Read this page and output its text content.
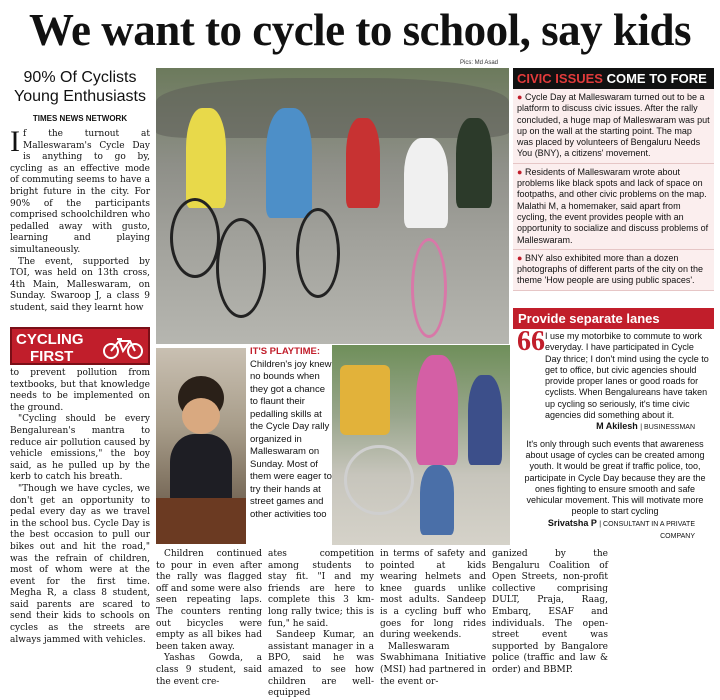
We want to cycle to school, say kids
Pics: Md Asad
90% Of Cyclists Young Enthusiasts
TIMES NEWS NETWORK
I f the turnout at Malleswaram's Cycle Day is anything to go by, cycling as an effective mode of commuting seems to have a bright future in the city. For 90% of the participants comprised schoolchildren who pedalled away with gusto, learning and playing simultaneously.

The event, supported by TOI, was held on 13th cross, 4th Main, Malleswaram, on Sunday. Swaroop J, a class 9 student, said they learnt how

CYCLING
FIRST

to prevent pollution from textbooks, but that knowledge needs to be implemented on the ground.

"Cycling should be every Bengalurean's mantra to reduce air pollution caused by vehicle emissions," the boy said, as he pulled up by the kerb to catch his breath.

"Though we have cycles, we don't get an opportunity to pedal every day as we travel in the school bus. Cycle Day is the best occasion to pull our bikes out and hit the road," was the refrain of children, most of whom were at the event for the first time. Megha R, a class 8 student, said parents are scared to send their kids to schools on cycles as the streets are always jammed with vehicles.

IT'S PLAYTIME: Children's joy knew no bounds when they got a chance to flaunt their pedalling skills at the Cycle Day rally organized in Malleswaram on Sunday. Most of them were eager to try their hands at street games and other activities too
CIVIC ISSUES COME TO FORE
● Cycle Day at Malleswaram turned out to be a platform to discuss civic issues. After the rally concluded, a huge map of Malleswaram was put up on the wall at the starting point. The map was placed by volunteers of Bengaluru Needs You (BNY), a citizens' movement.
● Residents of Malleswaram wrote about problems like black spots and lack of space on footpaths, and other civic problems on the map. Malathi M, a homemaker, said apart from cycling, the event provides people with an opportunity to socialize and discuss problems of Malleswaram.
● BNY also exhibited more than a dozen photographs of different parts of the city on the theme 'How people are using public spaces'.
Provide separate lanes
66 I use my motorbike to commute to work everyday. I have participated in Cycle Day thrice; I don't mind using the cycle to get to office, but civic agencies should provide proper lanes or good roads for cyclists. When Bengalureans have taken up cycling so seriously, it's time civic agencies did something about it.
M Akilesh | BUSINESSMAN
It's only through such events that awareness about usage of cycles can be created among youth. It would be great if traffic police, too, participate in Cycle Day because they are the ones fighting to ensure smooth and safe vehicular movement. This will motivate more people to start cycling
Srivatsha P | CONSULTANT IN A PRIVATE COMPANY

Children continued to pour in even after the rally was flagged off and some were also seen repeating laps. The counters renting out bicycles were empty as all bikes had been taken away.

Yashas Gowda, a class 9 student, said the event cre-

ates competition among students to stay fit. "I and my friends are here to complete this 3 km-long rally twice; this is fun," he said.

Sandeep Kumar, an assistant manager in a BPO, said he was amazed to see how children are well-equipped

in terms of safety and pointed at kids wearing helmets and knee guards unlike most adults. Sandeep is a cycling buff who goes for long rides during weekends.

Malleswaram Swabhimana Initiative (MSI) had partnered in the event or-

ganized by the Bengaluru Coalition of Open Streets, non-profit collective comprising DULT, Praja, Raag, Embarq, ESAF and individuals. The open-street event was supported by Bangalore police (traffic and law & order) and BBMP.
